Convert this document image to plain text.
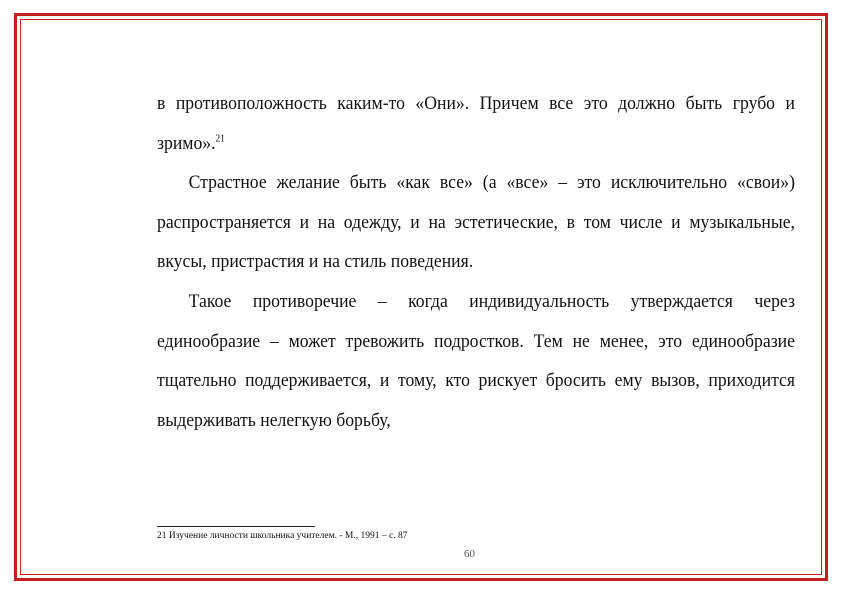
в противоположность каким-то «Они». Причем все это должно быть грубо и зримо».$^{21}$

Страстное желание быть «как все» (а «все» – это исключительно «свои») распространяется и на одежду, и на эстетические, в том числе и музыкальные, вкусы, пристрастия и на стиль поведения.

Такое противоречие – когда индивидуальность утверждается через единообразие – может тревожить подростков. Тем не менее, это единообразие тщательно поддерживается, и тому, кто рискует бросить ему вызов, приходится выдерживать нелегкую борьбу,

21 Изучение личности школьника учителем. - М., 1991 – с. 87
60
